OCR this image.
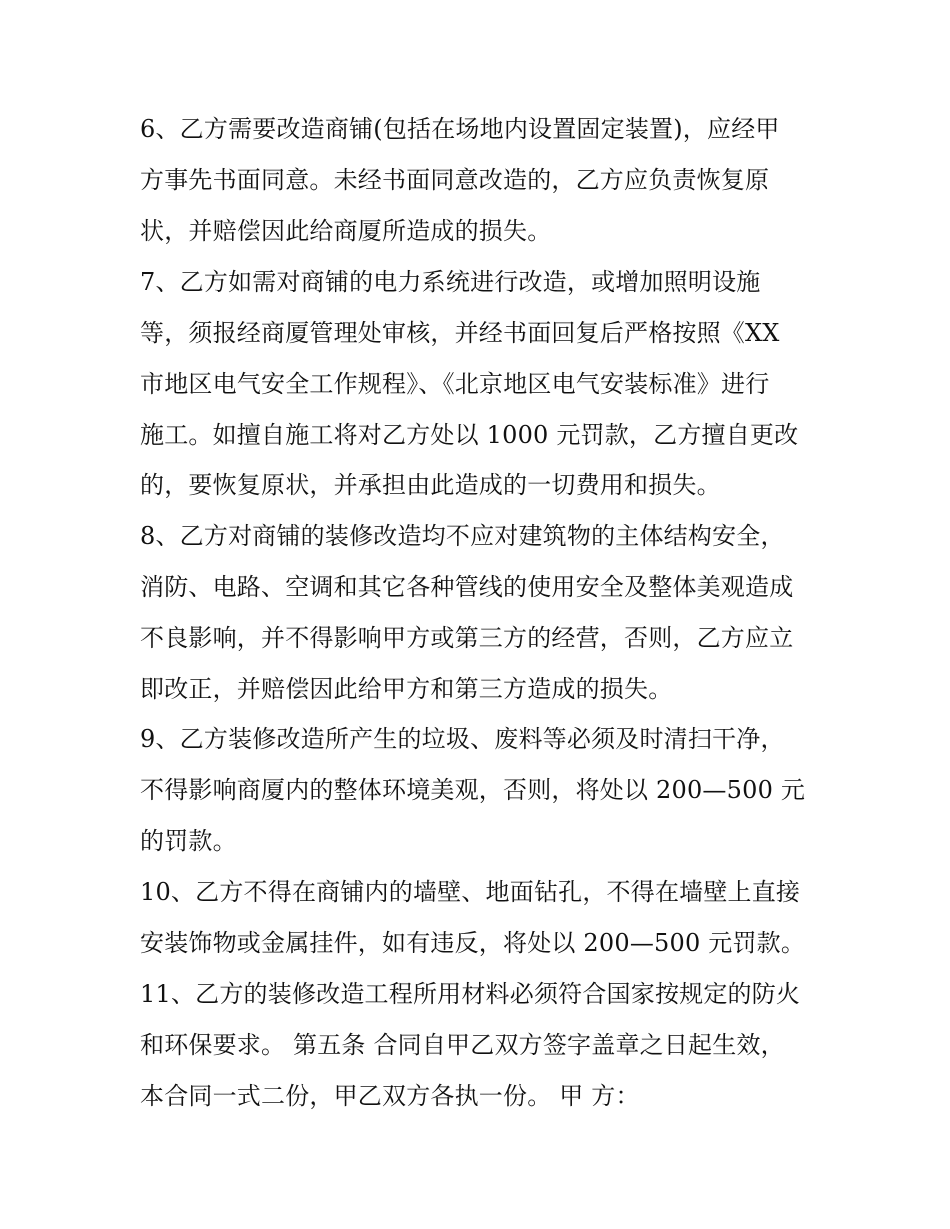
6、乙方需要改造商铺(包括在场地内设置固定装置)，应经甲
方事先书面同意。未经书面同意改造的，乙方应负责恢复原
状，并赔偿因此给商厦所造成的损失。
7、乙方如需对商铺的电力系统进行改造，或增加照明设施
等，须报经商厦管理处审核，并经书面回复后严格按照《XX
市地区电气安全工作规程》、《北京地区电气安装标准》进行
施工。如擅自施工将对乙方处以 1000 元罚款，乙方擅自更改
的，要恢复原状，并承担由此造成的一切费用和损失。
8、乙方对商铺的装修改造均不应对建筑物的主体结构安全，
消防、电路、空调和其它各种管线的使用安全及整体美观造成
不良影响，并不得影响甲方或第三方的经营，否则，乙方应立
即改正，并赔偿因此给甲方和第三方造成的损失。
9、乙方装修改造所产生的垃圾、废料等必须及时清扫干净，
不得影响商厦内的整体环境美观，否则，将处以 200—500 元
的罚款。
10、乙方不得在商铺内的墙壁、地面钻孔，不得在墙壁上直接
安装饰物或金属挂件，如有违反，将处以 200—500 元罚款。
11、乙方的装修改造工程所用材料必须符合国家按规定的防火
和环保要求。 第五条 合同自甲乙双方签字盖章之日起生效，
本合同一式二份，甲乙双方各执一份。 甲 方：
